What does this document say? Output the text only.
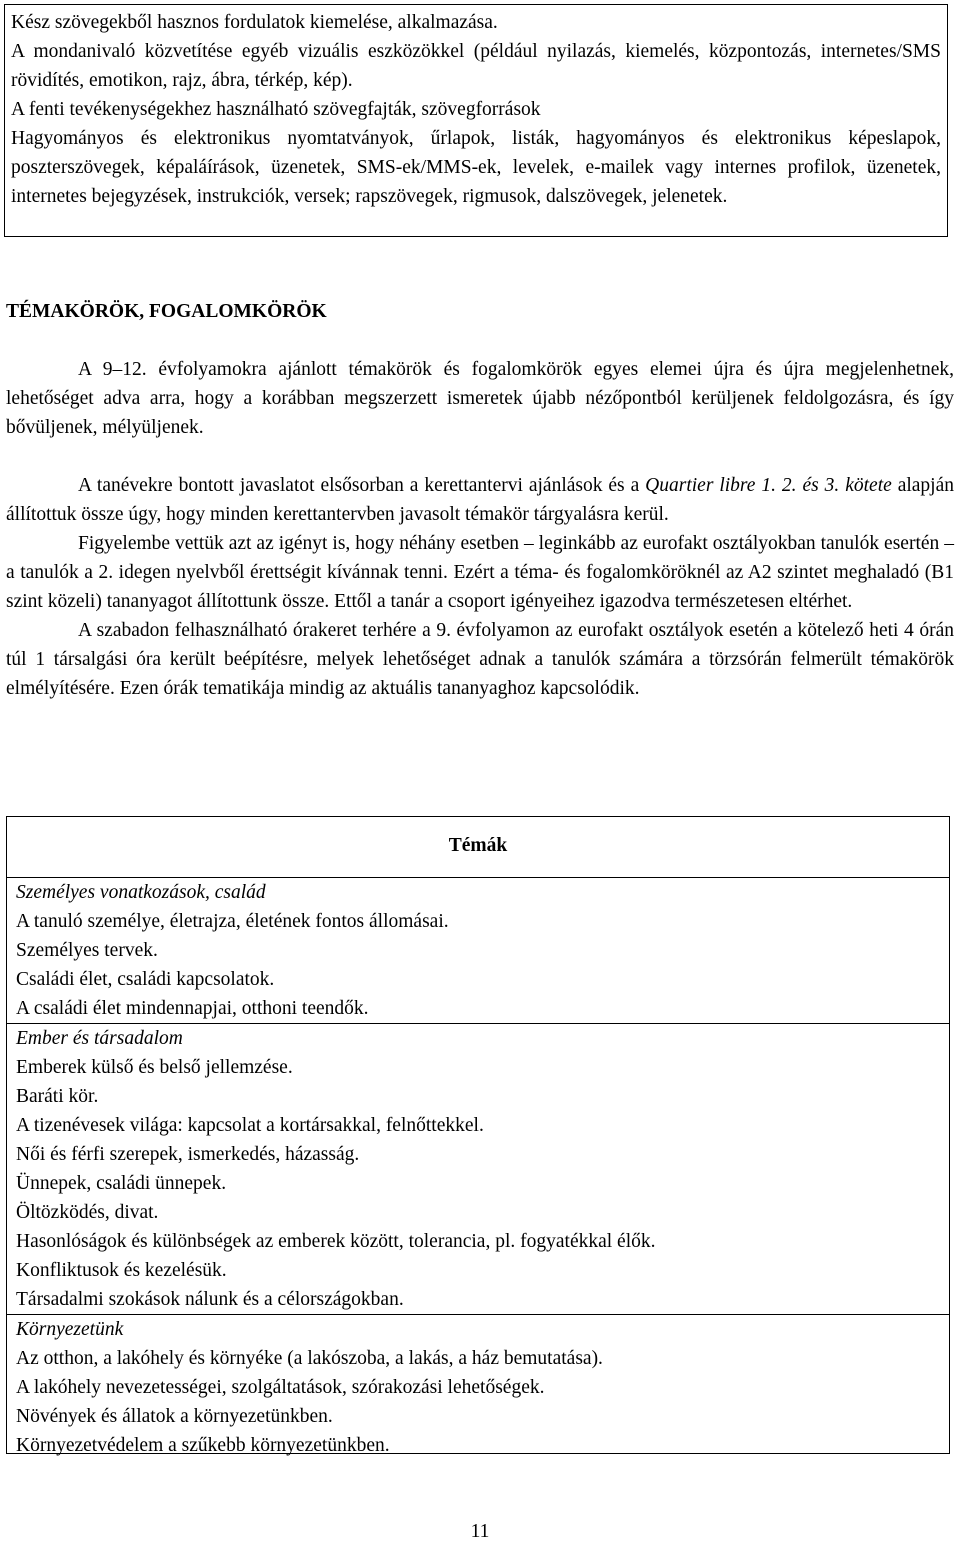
Kész szövegekből hasznos fordulatok kiemelése, alkalmazása.

A mondanivaló közvetítése egyéb vizuális eszközökkel (például nyilazás, kiemelés, központozás, internetes/SMS rövidítés, emotikon, rajz, ábra, térkép, kép).

A fenti tevékenységekhez használható szövegfajták, szövegforrások

Hagyományos és elektronikus nyomtatványok, űrlapok, listák, hagyományos és elektronikus képeslapok, poszterszövegek, képaláírások, üzenetek, SMS-ek/MMS-ek, levelek, e-mailek vagy internes profilok, üzenetek, internetes bejegyzések, instrukciók, versek; rapszövegek, rigmusok, dalszövegek, jelenetek.

TÉMAKÖRÖK, FOGALOMKÖRÖK

A 9–12. évfolyamokra ajánlott témakörök és fogalomkörök egyes elemei újra és újra megjelenhetnek, lehetőséget adva arra, hogy a korábban megszerzett ismeretek újabb nézőpontból kerüljenek feldolgozásra, és így bővüljenek, mélyüljenek.

A tanévekre bontott javaslatot elsősorban a kerettantervi ajánlások és a Quartier libre 1. 2. és 3. kötete alapján állítottuk össze úgy, hogy minden kerettantervben javasolt témakör tárgyalásra kerül.

Figyelembe vettük azt az igényt is, hogy néhány esetben – leginkább az eurofakt osztályokban tanulók esertén – a tanulók a 2. idegen nyelvből érettségit kívánnak tenni. Ezért a téma- és fogalomköröknél az A2 szintet meghaladó (B1 szint közeli) tananyagot állítottunk össze. Ettől a tanár a csoport igényeihez igazodva természetesen eltérhet.

A szabadon felhasználható órakeret terhére a 9. évfolyamon az eurofakt osztályok esetén a kötelező heti 4 órán túl 1 társalgási óra került beépítésre, melyek lehetőséget adnak a tanulók számára a törzsórán felmerült témakörök elmélyítésére. Ezen órák tematikája mindig az aktuális tananyaghoz kapcsolódik.

Témák

Személyes vonatkozások, család
A tanuló személye, életrajza, életének fontos állomásai.
Személyes tervek.
Családi élet, családi kapcsolatok.
A családi élet mindennapjai, otthoni teendők.
Ember és társadalom
Emberek külső és belső jellemzése.
Baráti kör.
A tizenévesek világa: kapcsolat a kortársakkal, felnőttekkel.
Női és férfi szerepek, ismerkedés, házasság.
Ünnepek, családi ünnepek.
Öltözködés, divat.
Hasonlóságok és különbségek az emberek között, tolerancia, pl. fogyatékkal élők.
Konfliktusok és kezelésük.
Társadalmi szokások nálunk és a célországokban.
Környezetünk
Az otthon, a lakóhely és környéke (a lakószoba, a lakás, a ház bemutatása).
A lakóhely nevezetességei, szolgáltatások, szórakozási lehetőségek.
Növények és állatok a környezetünkben.
Környezetvédelem a szűkebb környezetünkben.
11
